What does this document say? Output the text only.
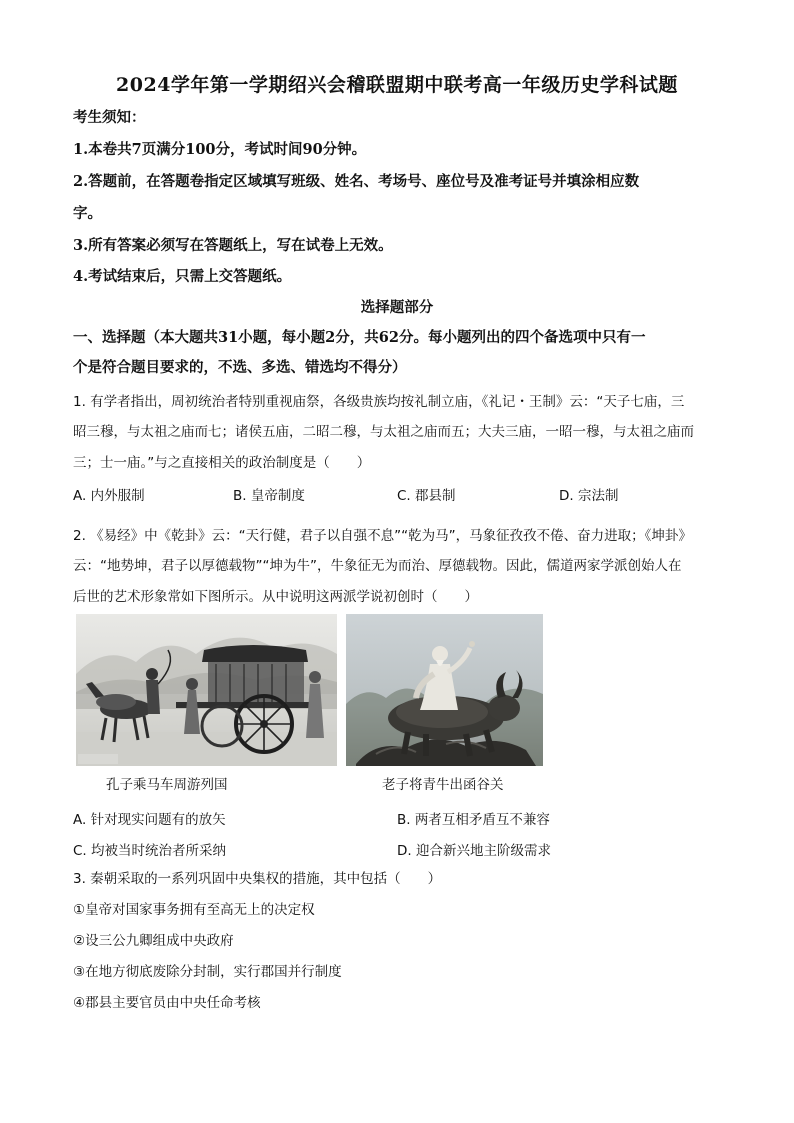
2024学年第一学期绍兴会稽联盟期中联考高一年级历史学科试题
考生须知：
1.本卷共7页满分100分，考试时间90分钟。
2.答题前，在答题卷指定区域填写班级、姓名、考场号、座位号及准考证号并填涂相应数
字。
3.所有答案必须写在答题纸上，写在试卷上无效。
4.考试结束后，只需上交答题纸。
选择题部分
一、选择题（本大题共31小题，每小题2分，共62分。每小题列出的四个备选项中只有一
个是符合题目要求的，不选、多选、错选均不得分）
1. 有学者指出，周初统治者特别重视庙祭，各级贵族均按礼制立庙，《礼记・王制》云：“天子七庙，三
昭三穆，与太祖之庙而七；诸侯五庙，二昭二穆，与太祖之庙而五；大夫三庙，一昭一穆，与太祖之庙而
三；士一庙。”与之直接相关的政治制度是（　　）
A. 内外服制	B. 皇帝制度	C. 郡县制	D. 宗法制
2. 《易经》中《乾卦》云：“天行健，君子以自强不息”“乾为马”，马象征孜孜不倦、奋力进取；《坤卦》
云：“地势坤，君子以厚德载物”“坤为牛”，牛象征无为而治、厚德载物。因此，儒道两家学派创始人在
后世的艺术形象常如下图所示。从中说明这两派学说初创时（　　）
孔子乘马车周游列国	老子将青牛出函谷关
A. 针对现实问题有的放矢	B. 两者互相矛盾互不兼容
C. 均被当时统治者所采纳	D. 迎合新兴地主阶级需求
3. 秦朝采取的一系列巩固中央集权的措施，其中包括（　　）
①皇帝对国家事务拥有至高无上的决定权
②设三公九卿组成中央政府
③在地方彻底废除分封制，实行郡国并行制度
④郡县主要官员由中央任命考核
